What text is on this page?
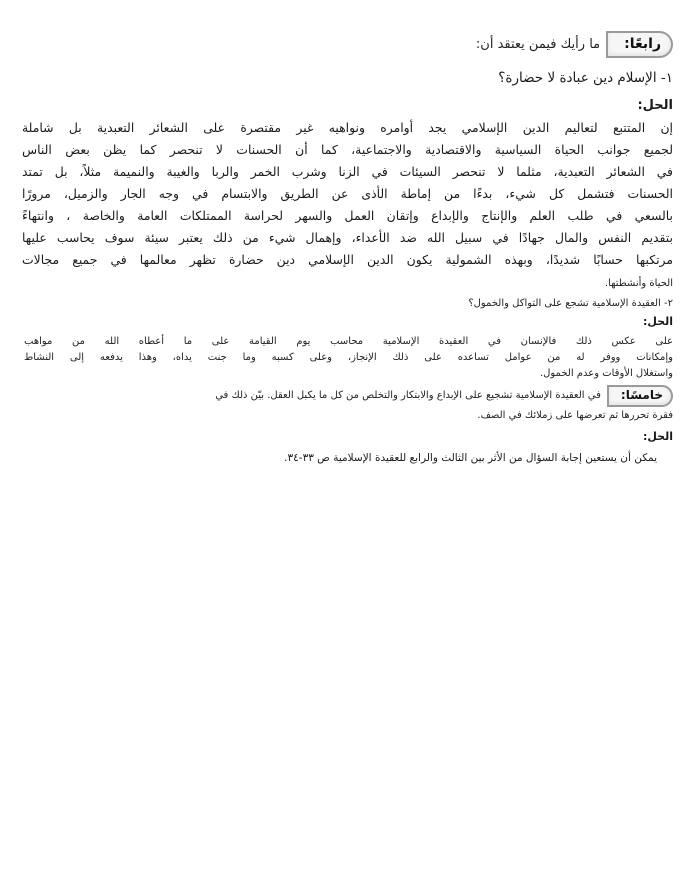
رابعًا:
ما رأيك فيمن يعتقد أن:
١- الإسلام دين عبادة لا حضارة؟
الحل:
إن المتتبع لتعاليم الدين الإسلامي يجد أوامره ونواهيه غير مقتصرة على الشعائر التعبدية بل شاملة
لجميع جوانب الحياة السياسية والاقتصادية والاجتماعية، كما أن الحسنات لا تنحصر كما يظن بعض الناس
في الشعائر التعبدية، مثلما لا تنحصر السيئات في الزنا وشرب الخمر والربا والغيبة والنميمة مثلاً، بل تمتد
الحسنات فتشمل كل شيء، بدءًا من إماطة الأذى عن الطريق والابتسام في وجه الجار والزميل، مرورًا
بالسعي في طلب العلم والإنتاج والإبداع وإتقان العمل والسهر لحراسة الممتلكات العامة والخاصة ، وانتهاءً
بتقديم النفس والمال جهادًا في سبيل الله ضد الأعداء، وإهمال شيء من ذلك يعتبر سيئة سوف يحاسب عليها
مرتكبها حسابًا شديدًا، وبهذه الشمولية يكون الدين الإسلامي دين حضارة تظهر معالمها في جميع مجالات
الحياة وأنشطتها.
٢- العقيدة الإسلامية تشجع على التواكل والخمول؟
الحل:
على عكس ذلك فالإنسان في العقيدة الإسلامية محاسب يوم القيامة على ما أعطاه الله من مواهب
وإمكانات ووفر له من عوامل تساعده على ذلك الإنجاز، وعلى كسبه وما جنت يداه، وهذا يدفعه إلى النشاط
واستغلال الأوقات وعدم الخمول.
خامسًا:
في العقيدة الإسلامية تشجيع على الإبداع والابتكار والتخلص من كل ما يكبل العقل. بيّن ذلك في
فقرة تحررها ثم تعرضها على زملائك في الصف.
الحل:
يمكن أن يستعين إجابة السؤال من الأثر بين الثالث والرابع للعقيدة الإسلامية ص ٣٣-٣٤.
